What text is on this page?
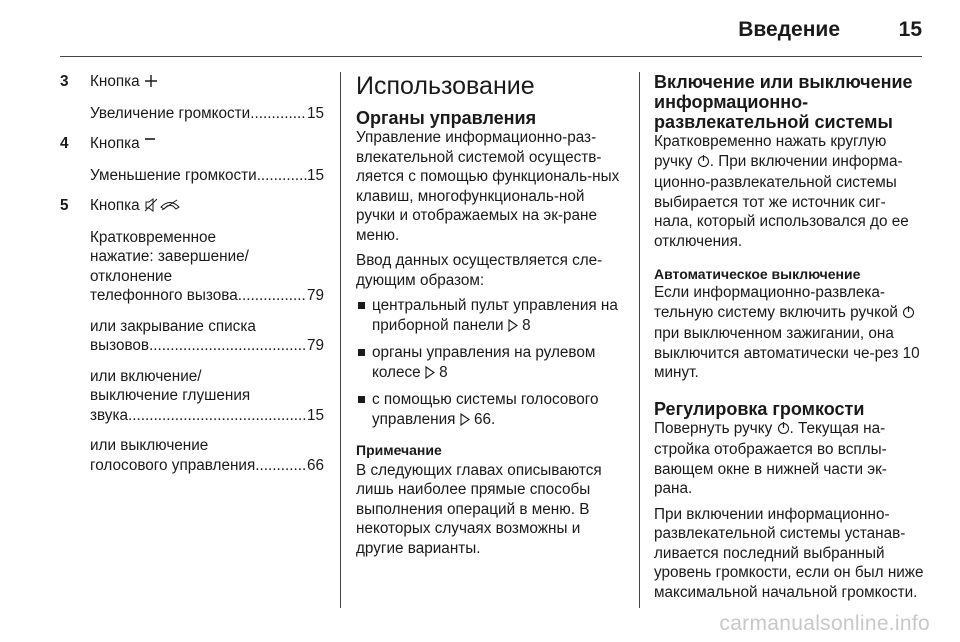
Введение	15
3 Кнопка
Увеличение громкости .....	15
4 Кнопка
Уменьшение громкости .....	15
5 Кнопка
Кратковременное
нажатие: завершение/
отклонение
телефонного вызова .....	79
или закрывание списка
вызовов .....	79
или включение/
выключение глушения
звука .....	15
или выключение
голосового управления .....	66
Использование
Органы управления

Управление информационно-раз-влекательной системой осуществ-ляется с помощью функциональ-ных клавиш, многофункциональ-ной ручки и отображаемых на эк-ране меню.

Ввод данных осуществляется сле-дующим образом:

центральный пульт управления на приборной панели 8
органы управления на рулевом колесе 8
с помощью системы голосового управления 66.
Примечание
В следующих главах описываются лишь наиболее прямые способы выполнения операций в меню. В некоторых случаях возможны и другие варианты.
Включение или выключение информационно-развлекательной системы

Кратковременно нажать круглую ручку . При включении информа-ционно-развлекательной системы выбирается тот же источник сиг-нала, который использовался до ее отключения.

Автоматическое выключение

Если информационно-развлека-тельную систему включить ручкой  при выключенном зажигании, она выключится автоматически че-рез 10 минут.

Регулировка громкости

Повернуть ручку . Текущая на-стройка отображается во всплы-вающем окне в нижней части эк-рана.

При включении информационно-развлекательной системы устанав-ливается последний выбранный уровень громкости, если он был ниже максимальной начальной громкости.

carmanualsonline.info
